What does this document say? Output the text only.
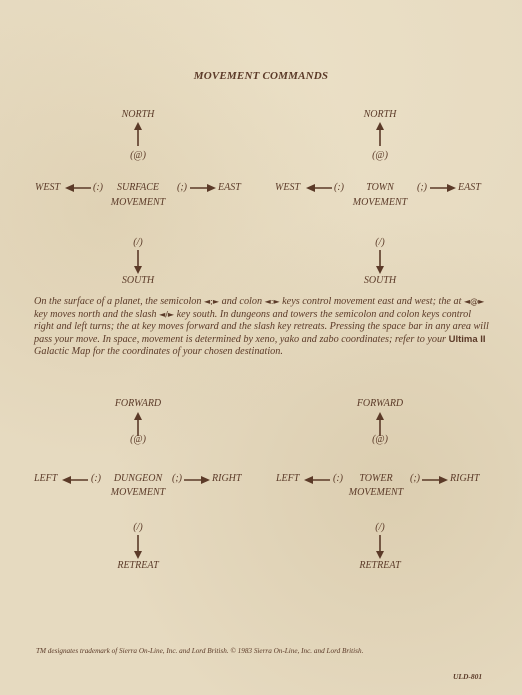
MOVEMENT COMMANDS
NORTH
(@)
WEST	(:)	SURFACE
MOVEMENT
(;)	EAST
(/)
SOUTH
NORTH
(@)
WEST	(:)	TOWN
MOVEMENT
(;)	EAST
(/)
SOUTH
On the surface of a planet, the semicolon ◄;► and colon ◄:► keys control movement east and west; the at ◄@► key moves north and the slash ◄/► key south. In dungeons and towers the semicolon and colon keys control right and left turns; the at key moves forward and the slash key retreats. Pressing the space bar in any area will pass your move. In space, movement is determined by xeno, yako and zabo coordinates; refer to your Ultima II Galactic Map for the coordinates of your chosen destination.
FORWARD
(@)
LEFT	(:)	DUNGEON
MOVEMENT
(;)	RIGHT
(/)
RETREAT
FORWARD
(@)
LEFT	(:)	TOWER
MOVEMENT
(;)	RIGHT
(/)
RETREAT
TM designates trademark of Sierra On-Line, Inc. and Lord British. © 1983 Sierra On-Line, Inc. and Lord British.
ULD-801
